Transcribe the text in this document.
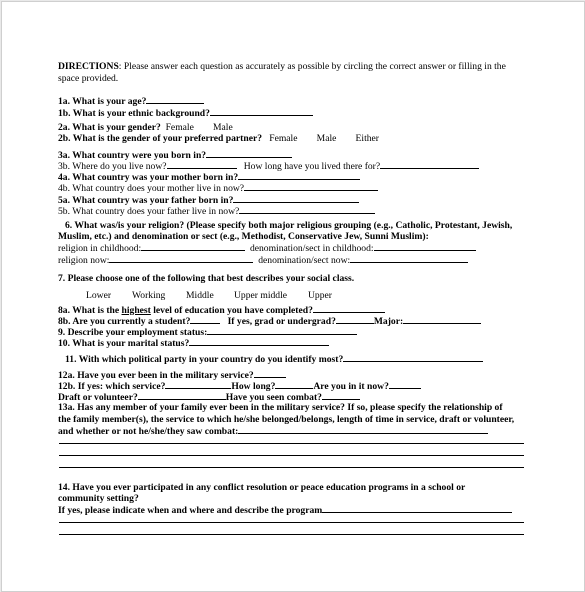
DIRECTIONS: Please answer each question as accurately as possible by circling the correct answer or filling in the
space provided.
1a. What is your age?
1b. What is your ethnic background?
2a. What is your gender? Female        Male
2b. What is the gender of your preferred partner? Female        Male        Either
3a. What country were you born in?
3b. Where do you live now?	How long have you lived there for?
4a. What country was your mother born in?
4b. What country does your mother live in now?
5a. What country was your father born in?
5b. What country does your father live in now?
6. What was/is your religion? (Please specify both major religious grouping (e.g., Catholic, Protestant, Jewish,
Muslim, etc.) and denomination or sect (e.g., Methodist, Conservative Jew, Sunni Muslim):
religion in childhood:	denomination/sect in childhood:
religion now:	denomination/sect now:
7. Please choose one of the following that best describes your social class.
Lower Working Middle Upper middle Upper
8a. What is the highest level of education you have completed?
8b. Are you currently a student?	If yes, grad or undergrad?	Major:
9. Describe your employment status:
10. What is your marital status?
11. With which political party in your country do you identify most?
12a. Have you ever been in the military service?
12b. If yes: which service?	How long?	Are you in it now?
Draft or volunteer?	Have you seen combat?
13a. Has any member of your family ever been in the military service? If so, please specify the relationship of
the family member(s), the service to which he/she belonged/belongs, length of time in service, draft or volunteer,
and whether or not he/she/they saw combat:
14. Have you ever participated in any conflict resolution or peace education programs in a school or
community setting?
If yes, please indicate when and where and describe the program
